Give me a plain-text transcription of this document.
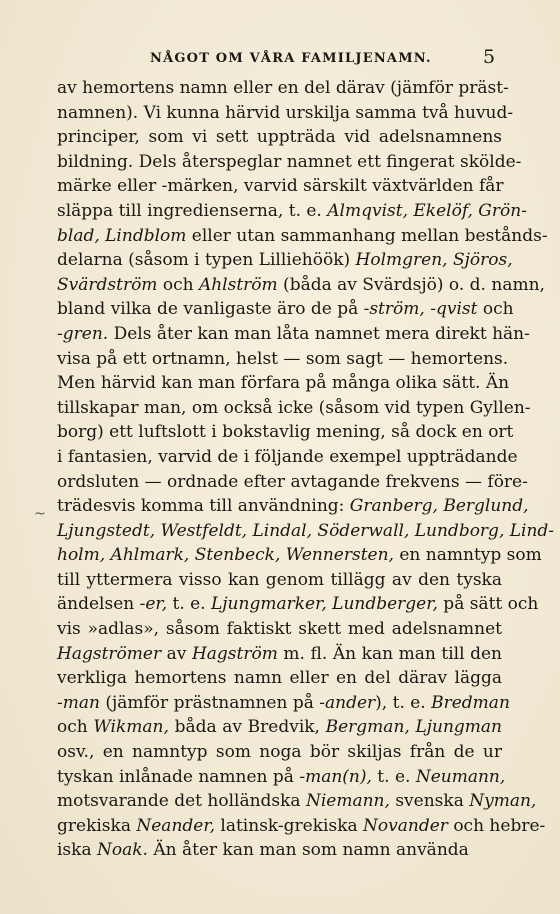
NÅGOT OM VÅRA FAMILJENAMN.	5
~
av hemortens namn eller en del därav (jämför präst-
namnen). Vi kunna härvid urskilja samma två huvud-
principer, som vi sett uppträda vid adelsnamnens
bildning. Dels återspeglar namnet ett fingerat skölde-
märke eller -märken, varvid särskilt växtvärlden får
släppa till ingredienserna, t. e. Almqvist, Ekelöf, Grön-
blad, Lindblom eller utan sammanhang mellan bestånds-
delarna (såsom i typen Lilliehöök) Holmgren, Sjöros,
Svärdström och Ahlström (båda av Svärdsjö) o. d. namn,
bland vilka de vanligaste äro de på -ström, -qvist och
-gren. Dels åter kan man låta namnet mera direkt hän-
visa på ett ortnamn, helst — som sagt — hemortens.
Men härvid kan man förfara på många olika sätt. Än
tillskapar man, om också icke (såsom vid typen Gyllen-
borg) ett luftslott i bokstavlig mening, så dock en ort
i fantasien, varvid de i följande exempel uppträdande
ordsluten — ordnade efter avtagande frekvens — före-
trädesvis komma till användning: Granberg, Berglund,
Ljungstedt, Westfeldt, Lindal, Söderwall, Lundborg, Lind-
holm, Ahlmark, Stenbeck, Wennersten, en namntyp som
till yttermera visso kan genom tillägg av den tyska
ändelsen -er, t. e. Ljungmarker, Lundberger, på sätt och
vis »adlas», såsom faktiskt skett med adelsnamnet
Hagströmer av Hagström m. fl. Än kan man till den
verkliga hemortens namn eller en del därav lägga
-man (jämför prästnamnen på -ander), t. e. Bredman
och Wikman, båda av Bredvik, Bergman, Ljungman
osv., en namntyp som noga bör skiljas från de ur
tyskan inlånade namnen på -man(n), t. e. Neumann,
motsvarande det holländska Niemann, svenska Nyman,
grekiska Neander, latinsk-grekiska Novander och hebre-
iska Noak. Än åter kan man som namn använda
